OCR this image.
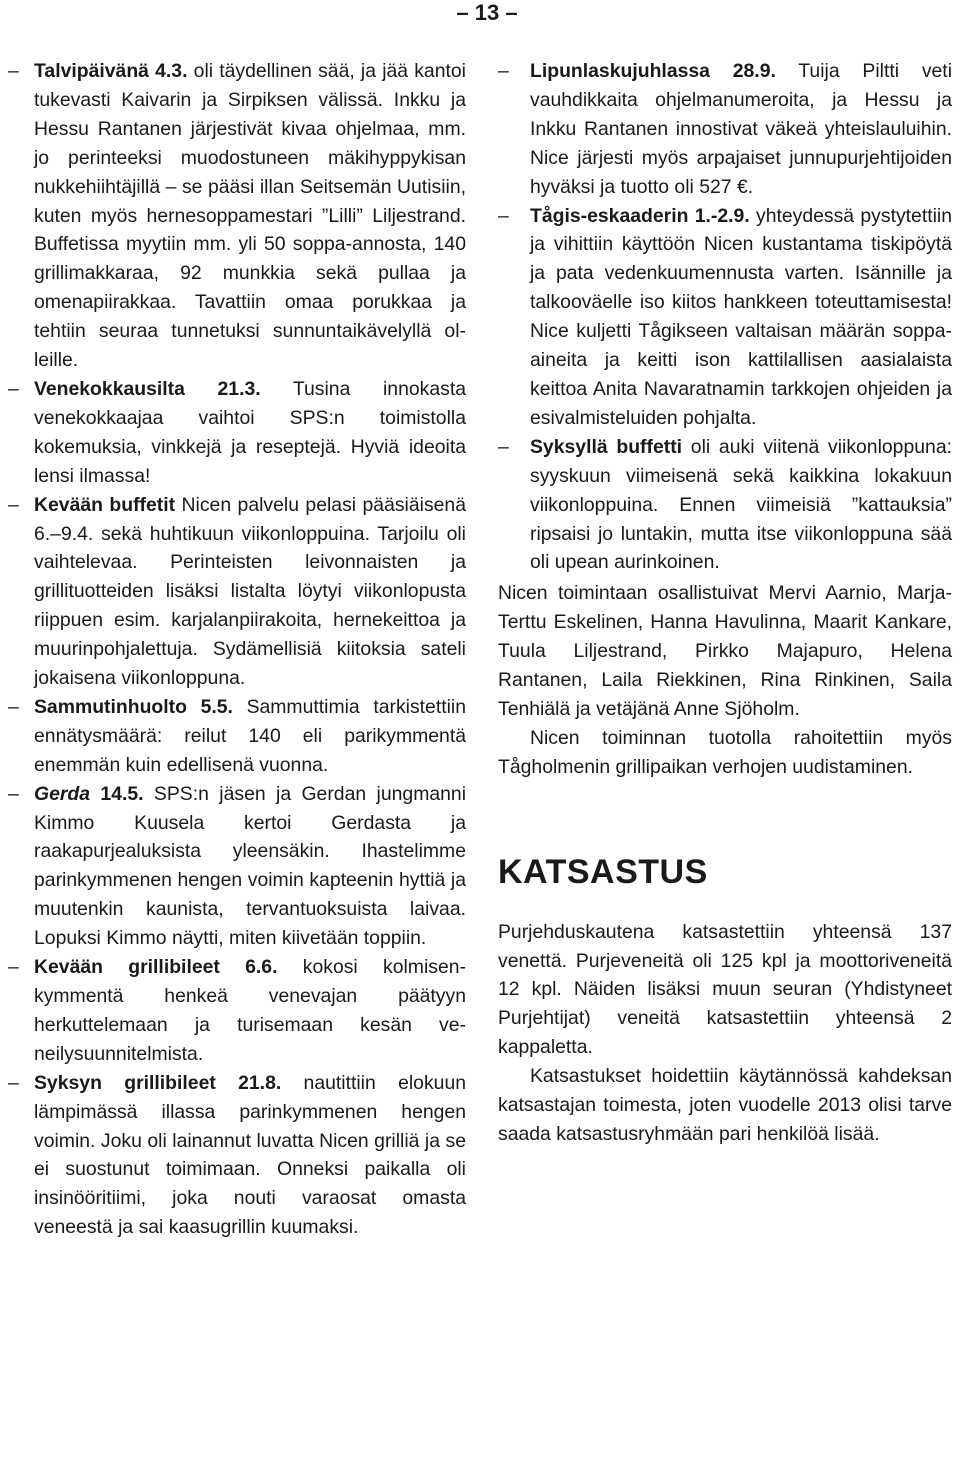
– 13 –

– Talvipäivänä 4.3. oli täydellinen sää, ja jää kantoi tukevasti Kaivarin ja Sirpiksen välissä. Inkku ja Hessu Rantanen järjestivät kivaa ohjelmaa, mm. jo perinteeksi muodostuneen mäkihyppykisan nukkehiihtäjillä – se pääsi illan Seitsemän Uutisiin, kuten myös hernesoppamestari ”Lilli” Liljestrand. Buffetissa myytiin mm. yli 50 soppa-annosta, 140 grillimakkaraa, 92 munkkia sekä pullaa ja omenapiirakkaa. Tavattiin omaa porukkaa ja tehtiin seuraa tunnetuksi sunnuntaikävelyllä olleille.

– Venekokkausilta 21.3. Tusina innokasta venekokkaajaa vaihtoi SPS:n toimistolla kokemuksia, vinkkejä ja reseptejä. Hyviä ideoita lensi ilmassa!

– Kevään buffetit Nicen palvelu pelasi pääsiäisenä 6.–9.4. sekä huhtikuun viikonloppuina. Tarjoilu oli vaihtelevaa. Perinteisten leivonnaisten ja grillituotteiden lisäksi listalta löytyi viikonlopusta riippuen esim. karjalanpiirakoita, hernekeittoa ja muurinpohjalettuja. Sydämellisiä kiitoksia sateli jokaisena viikonloppuna.

– Sammutinhuolto 5.5. Sammuttimia tarkistettiin ennätysmäärä: reilut 140 eli parikymmentä enemmän kuin edellisenä vuonna.

– Gerda 14.5. SPS:n jäsen ja Gerdan jungmanni Kimmo Kuusela kertoi Gerdasta ja raakapurjealuksista yleensäkin. Ihastelimme parinkymmenen hengen voimin kapteenin hyttiä ja muutenkin kaunista, tervantuoksuista laivaa. Lopuksi Kimmo näytti, miten kiivetään toppiin.

– Kevään grillibileet 6.6. kokosi kolmisenkymmentä henkeä venevajan päätyyn herkuttelemaan ja turisemaan kesän veneilysuunnitelmista.

– Syksyn grillibileet 21.8. nautittiin elokuun lämpimässä illassa parinkymmenen hengen voimin. Joku oli lainannut luvatta Nicen grilliä ja se ei suostunut toimimaan. Onneksi paikalla oli insinööritiimi, joka nouti varaosat omasta veneestä ja sai kaasugrillin kuumaksi.

– Lipunlaskujuhlassa 28.9. Tuija Piltti veti vauhdikkaita ohjelmanumeroita, ja Hessu ja Inkku Rantanen innostivat väkeä yhteislauluihin. Nice järjesti myös arpajaiset junnupurjehtijoiden hyväksi ja tuotto oli 527 €.

– Tågis-eskaaderin 1.-2.9. yhteydessä pystytettiin ja vihittiin käyttöön Nicen kustantama tiskipöytä ja pata vedenkuumennusta varten. Isännille ja talkooväelle iso kiitos hankkeen toteuttamisesta! Nice kuljetti Tågikseen valtaisan määrän soppa-aineita ja keitti ison kattilallisen aasialaista keittoa Anita Navaratnamin tarkkojen ohjeiden ja esivalmisteluiden pohjalta.

– Syksyllä buffetti oli auki viitenä viikonloppuna: syyskuun viimeisenä sekä kaikkina lokakuun viikonloppuina. Ennen viimeisiä ”kattauksia” ripsaisi jo luntakin, mutta itse viikonloppuna sää oli upean aurinkoinen.

Nicen toimintaan osallistuivat Mervi Aarnio, Marja-Terttu Eskelinen, Hanna Havulinna, Maarit Kankare, Tuula Liljestrand, Pirkko Majapuro, Helena Rantanen, Laila Riekkinen, Rina Rinkinen, Saila Tenhiälä ja vetäjänä Anne Sjöholm.

Nicen toiminnan tuotolla rahoitettiin myös Tågholmenin grillipaikan verhojen uudistaminen.

KATSASTUS

Purjehduskautena katsastettiin yhteensä 137 venettä. Purjeveneitä oli 125 kpl ja moottoriveneitä 12 kpl. Näiden lisäksi muun seuran (Yhdistyneet Purjehtijat) veneitä katsastettiin yhteensä 2 kappaletta.

Katsastukset hoidettiin käytännössä kahdeksan katsastajan toimesta, joten vuodelle 2013 olisi tarve saada katsastusryhmään pari henkilöä lisää.
